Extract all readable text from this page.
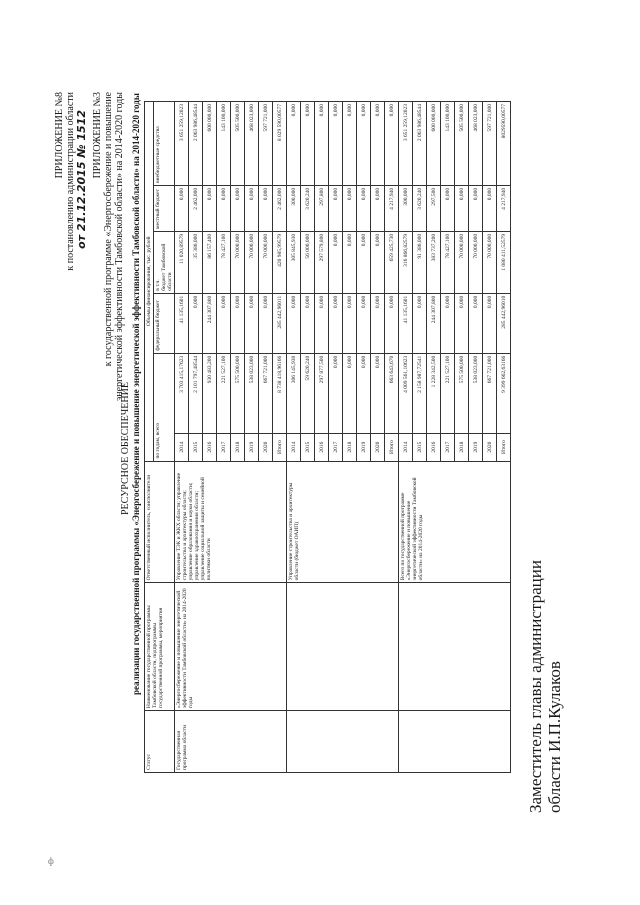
ф
ПРИЛОЖЕНИЕ №8 к постановлению администрации области от 21.12.2015 № 1512 ПРИЛОЖЕНИЕ №3 к государственной программе «Энергосбережение и повышение энергетической эффективности Тамбовской области» на 2014-2020 годы
РЕСУРСНОЕ ОБЕСПЕЧЕНИЕ реализации государственной программы «Энергосбережение и повышение энергетической эффективности Тамбовской области» на 2014-2020 годы
Статус	Наименование государственной программы Тамбовской области, подпрограммы государственной программы, мероприятия	Ответственный исполнитель, соисполнители	Объемы финансирования, тыс. рублей					
			по годам, всего		федеральный бюджет	в т.ч.
бюджет Тамбовской области	местный бюджет	внебюджетные средства
Государственная программа области	«Энергосбережение и повышение энергетической эффективности Тамбовской области» на 2014-2020 годы	Управление ТЭК и ЖКХ области; управление строительства и архитектуры области; управление образования и науки области; управление здравоохранения области; управление социальной защиты и семейной политики области	2014	3 703 415,17623	41 135,1601	11 020,89579	0,000	3 651 259,12023
			2015	2 101 797,48544	0,000	35 380,000	2 462,000	2 063 986,48544
			2016	930 483,200	244 307,800	86 157,400	0,000	600 000,000
			2017	221 527,100	0,000	78 427,100	0,000	143 100,000
			2018	575 500,000	0,000	70 000,000	0,000	505 500,000
			2019	538 023,000	0,000	70 000,000	0,000	468 023,000
			2020	667 721,000	0,000	70 000,000	0,000	597 721,000
			Итого	8 738 418,96166	285 442,96011	420 985,99579	2 462,000	8 029 590,00577
		Управление строительства и архитектуры области (бюджет ОАИП)	2014	306 145,930	0,000	305 845,930	300,000	0,000
			2015	59 620,240	0,000	56 000,000	3 620,240	0,000
			2016	297 877,500	0,000	297 579,800	297,800	0,000
			2017	0,000	0,000	0,000	0,000	0,000
			2018	0,000	0,000	0,000	0,000	0,000
			2019	0,000	0,000	0,000	0,000	0,000
			2020	0,000	0,000	0,000	0,000	0,000
			Итого	663 643,670	0,000	659 425,730	4 217,940	0,000
		Всего по государственной программе «Энергосбережение и повышение энергетической эффективности Тамбовской области» на 2014-2020 годы	2014	4 009 561,10623	41 135,1601	316 866,82579	300,000	3 651 259,12023
			2015	2 158 987,72541	0,000	91 380,000	3 620,240	2 063 986,48544
			2016	1 228 342,500	244 307,800	383 737,200	297,500	600 000,000
			2017	221 527,100	0,000	78 427,100	0,000	143 100,000
			2018	575 500,000	0,000	70 000,000	0,000	505 500,000
			2019	538 023,000	0,000	70 000,000	0,000	468 023,000
			2020	667 721,000	0,000	70 000,000	0,000	597 721,000
			Итого	9 399 662,63166	285 442,96010	1 080 411,52579	4 217,940	8029590,00577
Заместитель главы администрации области И.П.Кулаков
